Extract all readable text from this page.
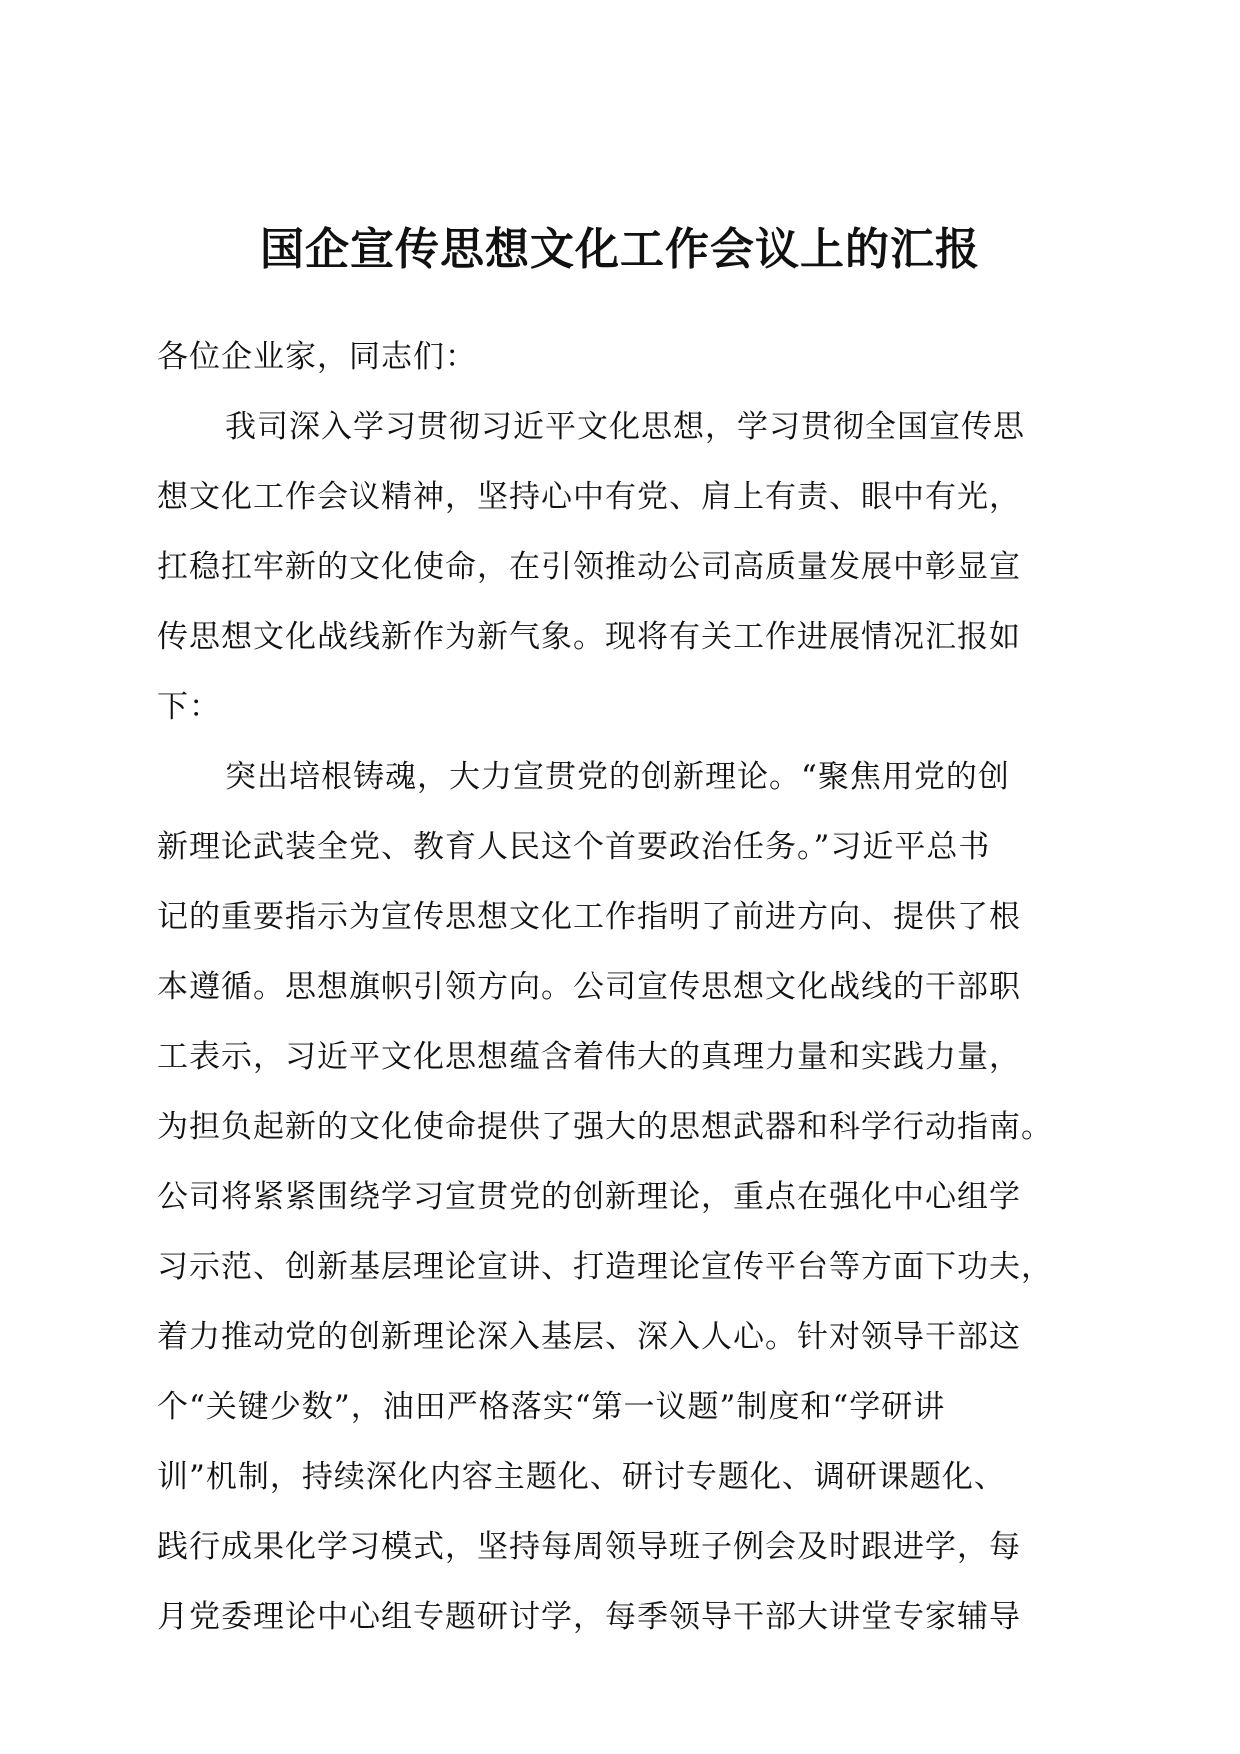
国企宣传思想文化工作会议上的汇报
各位企业家，同志们：
我司深入学习贯彻习近平文化思想，学习贯彻全国宣传思
想文化工作会议精神，坚持心中有党、肩上有责、眼中有光，
扛稳扛牢新的文化使命，在引领推动公司高质量发展中彰显宣
传思想文化战线新作为新气象。现将有关工作进展情况汇报如
下：
突出培根铸魂，大力宣贯党的创新理论。“聚焦用党的创
新理论武装全党、教育人民这个首要政治任务。”习近平总书
记的重要指示为宣传思想文化工作指明了前进方向、提供了根
本遵循。思想旗帜引领方向。公司宣传思想文化战线的干部职
工表示，习近平文化思想蕴含着伟大的真理力量和实践力量，
为担负起新的文化使命提供了强大的思想武器和科学行动指南。
公司将紧紧围绕学习宣贯党的创新理论，重点在强化中心组学
习示范、创新基层理论宣讲、打造理论宣传平台等方面下功夫，
着力推动党的创新理论深入基层、深入人心。针对领导干部这
个“关键少数”，油田严格落实“第一议题”制度和“学研讲
训”机制，持续深化内容主题化、研讨专题化、调研课题化、
践行成果化学习模式，坚持每周领导班子例会及时跟进学，每
月党委理论中心组专题研讨学，每季领导干部大讲堂专家辅导
